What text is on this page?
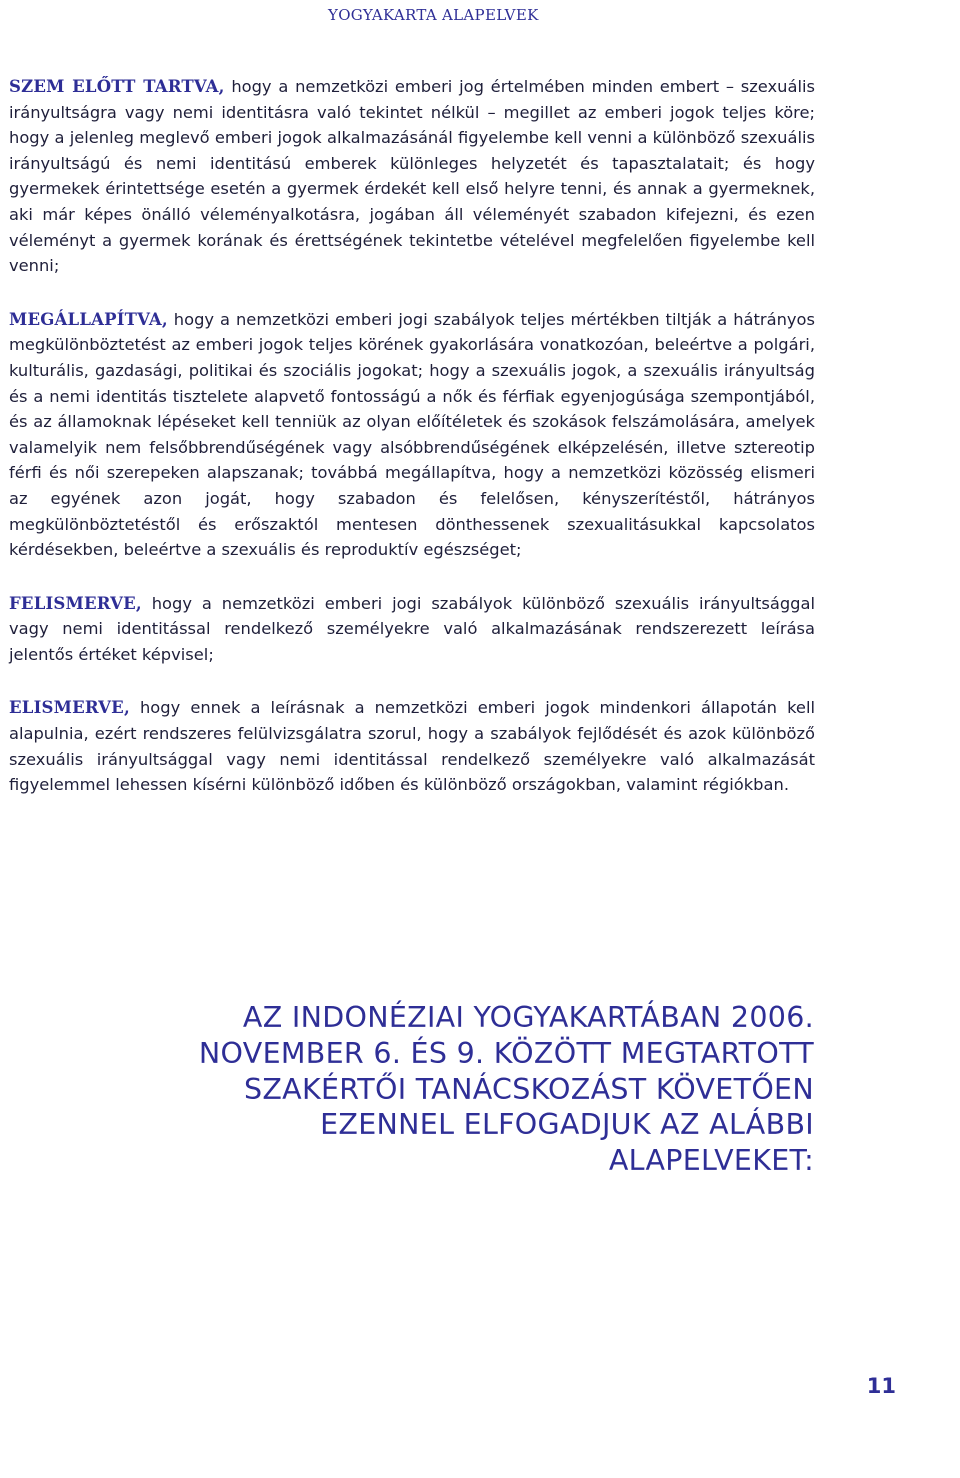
YOGYAKARTA ALAPELVEK

SZEM ELŐTT TARTVA, hogy a nemzetközi emberi jog értelmében minden embert – szexuális irányultságra vagy nemi identitásra való tekintet nélkül – megillet az emberi jogok teljes köre; hogy a jelenleg meglevő emberi jogok alkalmazásánál figyelembe kell venni a különböző szexuális irányultságú és nemi identitású emberek különleges helyzetét és tapasztalatait; és hogy gyermekek érintettsége esetén a gyermek érdekét kell első helyre tenni, és annak a gyermeknek, aki már képes önálló véleményalkotásra, jogában áll véleményét szabadon kifejezni, és ezen véleményt a gyermek korának és érettségének tekintetbe vételével megfelelően figyelembe kell venni;

MEGÁLLAPÍTVA, hogy a nemzetközi emberi jogi szabályok teljes mértékben tiltják a hátrányos megkülönböztetést az emberi jogok teljes körének gyakorlására vonatkozóan, beleértve a polgári, kulturális, gazdasági, politikai és szociális jogokat; hogy a szexuális jogok, a szexuális irányultság és a nemi identitás tisztelete alapvető fontosságú a nők és férfiak egyenjogúsága szempontjából, és az államoknak lépéseket kell tenniük az olyan előítéletek és szokások felszámolására, amelyek valamelyik nem felsőbbrendűségének vagy alsóbbrendűségének elképzelésén, illetve sztereotip férfi és női szerepeken alapszanak; továbbá megállapítva, hogy a nemzetközi közösség elismeri az egyének azon jogát, hogy szabadon és felelősen, kényszerítéstől, hátrányos megkülönböztetéstől és erőszaktól mentesen dönthessenek szexualitásukkal kapcsolatos kérdésekben, beleértve a szexuális és reproduktív egészséget;

FELISMERVE, hogy a nemzetközi emberi jogi szabályok különböző szexuális irányultsággal vagy nemi identitással rendelkező személyekre való alkalmazásának rendszerezett leírása jelentős értéket képvisel;

ELISMERVE, hogy ennek a leírásnak a nemzetközi emberi jogok mindenkori állapotán kell alapulnia, ezért rendszeres felülvizsgálatra szorul, hogy a szabályok fejlődését és azok különböző szexuális irányultsággal vagy nemi identitással rendelkező személyekre való alkalmazását figyelemmel lehessen kísérni különböző időben és különböző országokban, valamint régiókban.

AZ INDONÉZIAI YOGYAKARTÁBAN 2006.
NOVEMBER 6. ÉS 9. KÖZÖTT MEGTARTOTT
SZAKÉRTŐI TANÁCSKOZÁST KÖVETŐEN
EZENNEL ELFOGADJUK AZ ALÁBBI
ALAPELVEKET:
11
